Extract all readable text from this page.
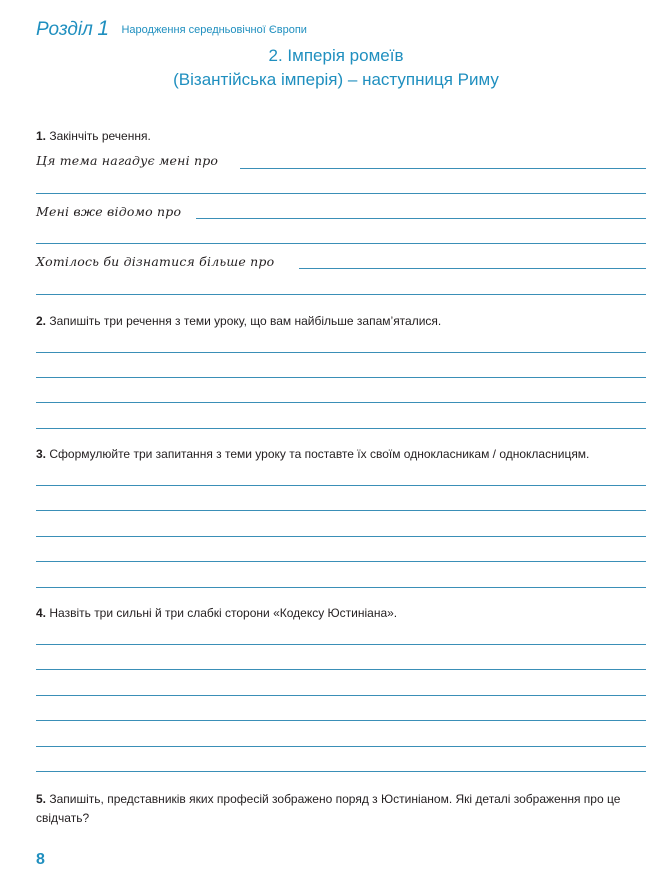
Розділ 1 Народження середньовічної Європи
2. Імперія ромеїв
(Візантійська імперія) – наступниця Риму
1. Закінчіть речення.
Ця тема нагадує мені про
Мені вже відомо про
Хотілось би дізнатися більше про
2. Запишіть три речення з теми уроку, що вам найбільше запам’яталися.
3. Сформулюйте три запитання з теми уроку та поставте їх своїм однокласникам / однокласницям.
4. Назвіть три сильні й три слабкі сторони «Кодексу Юстиніана».
5. Запишіть, представників яких професій зображено поряд з Юстиніаном. Які деталі зображення про це свідчать?
8
